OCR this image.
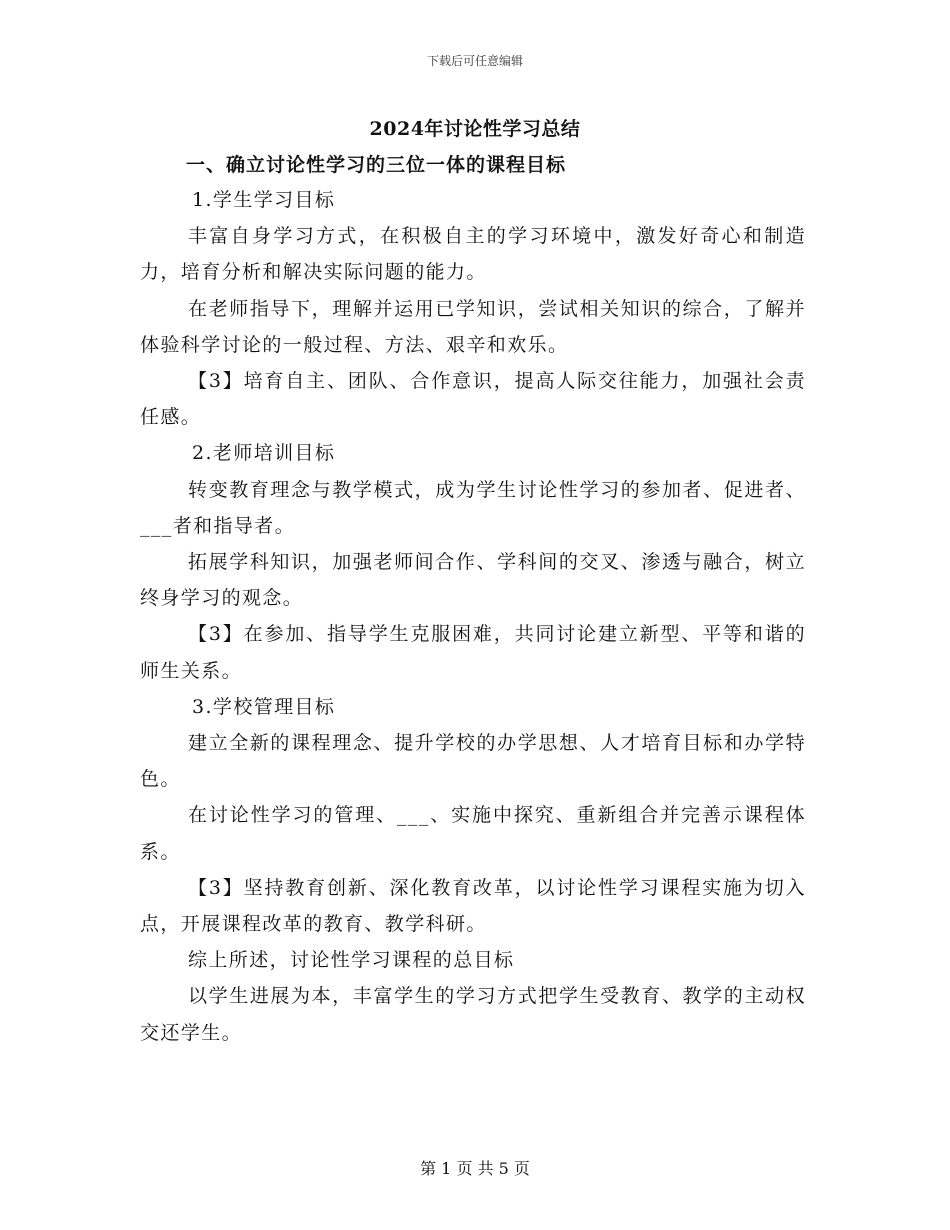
下载后可任意编辑
2024年讨论性学习总结
一、确立讨论性学习的三位一体的课程目标

1.学生学习目标

丰富自身学习方式，在积极自主的学习环境中，激发好奇心和制造力，培育分析和解决实际问题的能力。

在老师指导下，理解并运用已学知识，尝试相关知识的综合，了解并体验科学讨论的一般过程、方法、艰辛和欢乐。

【3】培育自主、团队、合作意识，提高人际交往能力，加强社会责任感。

2.老师培训目标

转变教育理念与教学模式，成为学生讨论性学习的参加者、促进者、___者和指导者。

拓展学科知识，加强老师间合作、学科间的交叉、渗透与融合，树立终身学习的观念。

【3】在参加、指导学生克服困难，共同讨论建立新型、平等和谐的师生关系。

3.学校管理目标

建立全新的课程理念、提升学校的办学思想、人才培育目标和办学特色。

在讨论性学习的管理、___、实施中探究、重新组合并完善示课程体系。

【3】坚持教育创新、深化教育改革，以讨论性学习课程实施为切入点，开展课程改革的教育、教学科研。

综上所述，讨论性学习课程的总目标

以学生进展为本，丰富学生的学习方式把学生受教育、教学的主动权交还学生。

第 1 页 共 5 页
